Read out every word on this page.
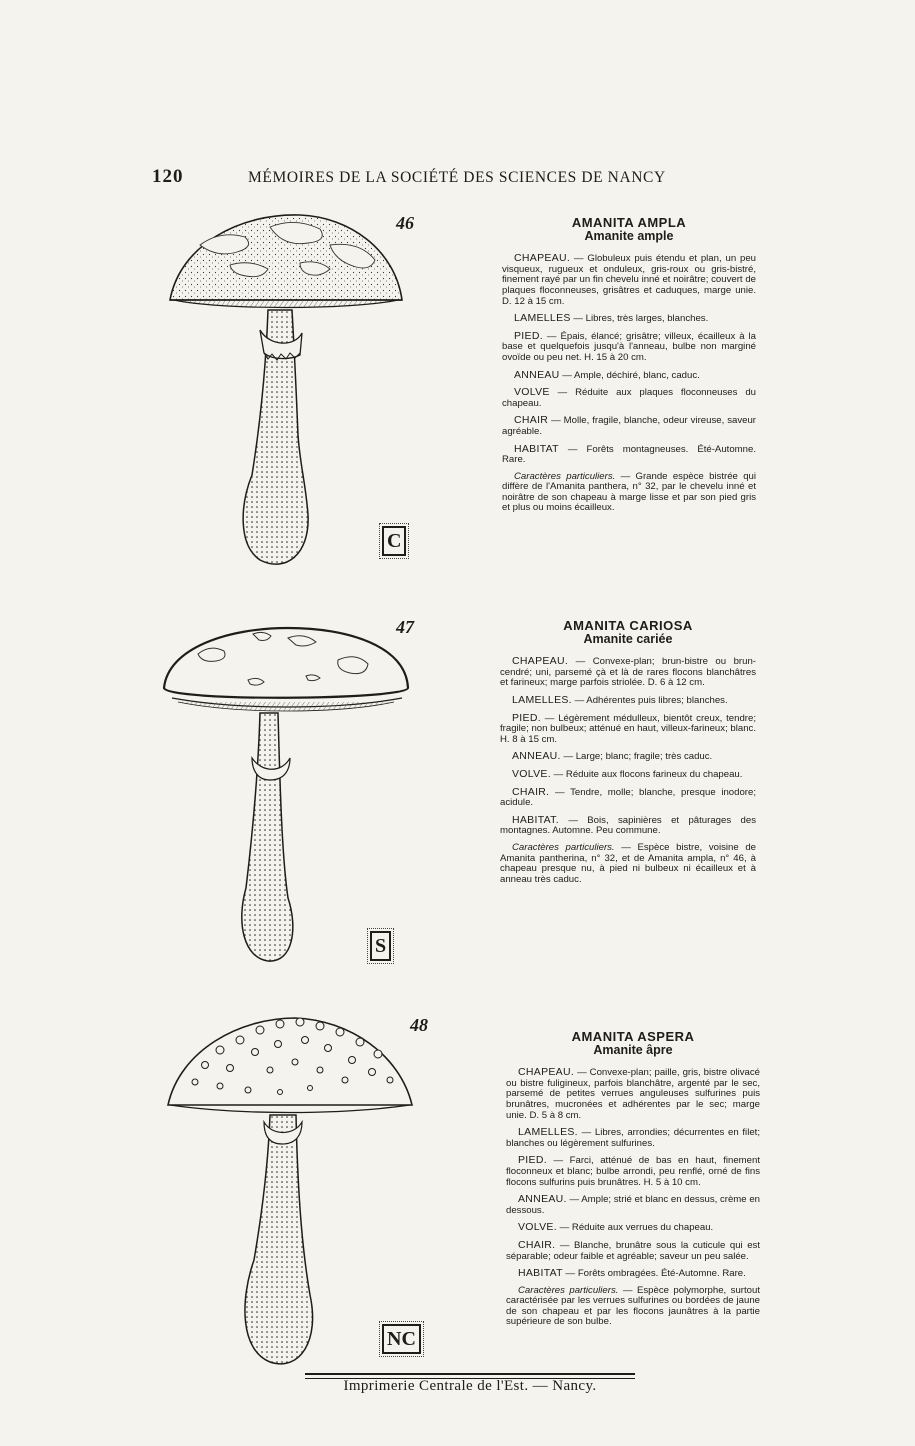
120	MÉMOIRES DE LA SOCIÉTÉ DES SCIENCES DE NANCY
46
C
AMANITA AMPLA
Amanite ample

CHAPEAU. — Globuleux puis étendu et plan, un peu visqueux, rugueux et onduleux, gris-roux ou gris-bistré, finement rayé par un fin chevelu inné et noirâtre; couvert de plaques floconneuses, grisâtres et caduques, marge unie. D. 12 à 15 cm.

LAMELLES — Libres, très larges, blanches.

PIED. — Épais, élancé; grisâtre; villeux, écailleux à la base et quelquefois jusqu'à l'anneau, bulbe non marginé ovoïde ou peu net. H. 15 à 20 cm.

ANNEAU — Ample, déchiré, blanc, caduc.

VOLVE — Réduite aux plaques floconneuses du chapeau.

CHAIR — Molle, fragile, blanche, odeur vireuse, saveur agréable.

HABITAT — Forêts montagneuses. Été-Automne. Rare.

Caractères particuliers. — Grande espèce bistrée qui diffère de l'Amanita panthera, n° 32, par le chevelu inné et noirâtre de son chapeau à marge lisse et par son pied gris et plus ou moins écailleux.

47
S
AMANITA CARIOSA
Amanite cariée

CHAPEAU. — Convexe-plan; brun-bistre ou brun-cendré; uni, parsemé çà et là de rares flocons blanchâtres et farineux; marge parfois striolée. D. 6 à 12 cm.

LAMELLES. — Adhérentes puis libres; blanches.

PIED. — Légèrement médulleux, bientôt creux, tendre; fragile; non bulbeux; atténué en haut, villeux-farineux; blanc. H. 8 à 15 cm.

ANNEAU. — Large; blanc; fragile; très caduc.

VOLVE. — Réduite aux flocons farineux du chapeau.

CHAIR. — Tendre, molle; blanche, presque inodore; acidule.

HABITAT. — Bois, sapinières et pâturages des montagnes. Automne. Peu commune.

Caractères particuliers. — Espèce bistre, voisine de Amanita pantherina, n° 32, et de Amanita ampla, n° 46, à chapeau presque nu, à pied ni bulbeux ni écailleux et à anneau très caduc.

48
NC
AMANITA ASPERA
Amanite âpre

CHAPEAU. — Convexe-plan; paille, gris, bistre olivacé ou bistre fuligineux, parfois blanchâtre, argenté par le sec, parsemé de petites verrues anguleuses sulfurines puis brunâtres, mucronées et adhérentes par le sec; marge unie. D. 5 à 8 cm.

LAMELLES. — Libres, arrondies; décurrentes en filet; blanches ou légèrement sulfurines.

PIED. — Farci, atténué de bas en haut, finement floconneux et blanc; bulbe arrondi, peu renflé, orné de fins flocons sulfurins puis brunâtres. H. 5 à 10 cm.

ANNEAU. — Ample; strié et blanc en dessus, crème en dessous.

VOLVE. — Réduite aux verrues du chapeau.

CHAIR. — Blanche, brunâtre sous la cuticule qui est séparable; odeur faible et agréable; saveur un peu salée.

HABITAT — Forêts ombragées. Été-Automne. Rare.

Caractères particuliers. — Espèce polymorphe, surtout caractérisée par les verrues sulfurines ou bordées de jaune de son chapeau et par les flocons jaunâtres à la partie supérieure de son bulbe.

Imprimerie Centrale de l'Est. — Nancy.
